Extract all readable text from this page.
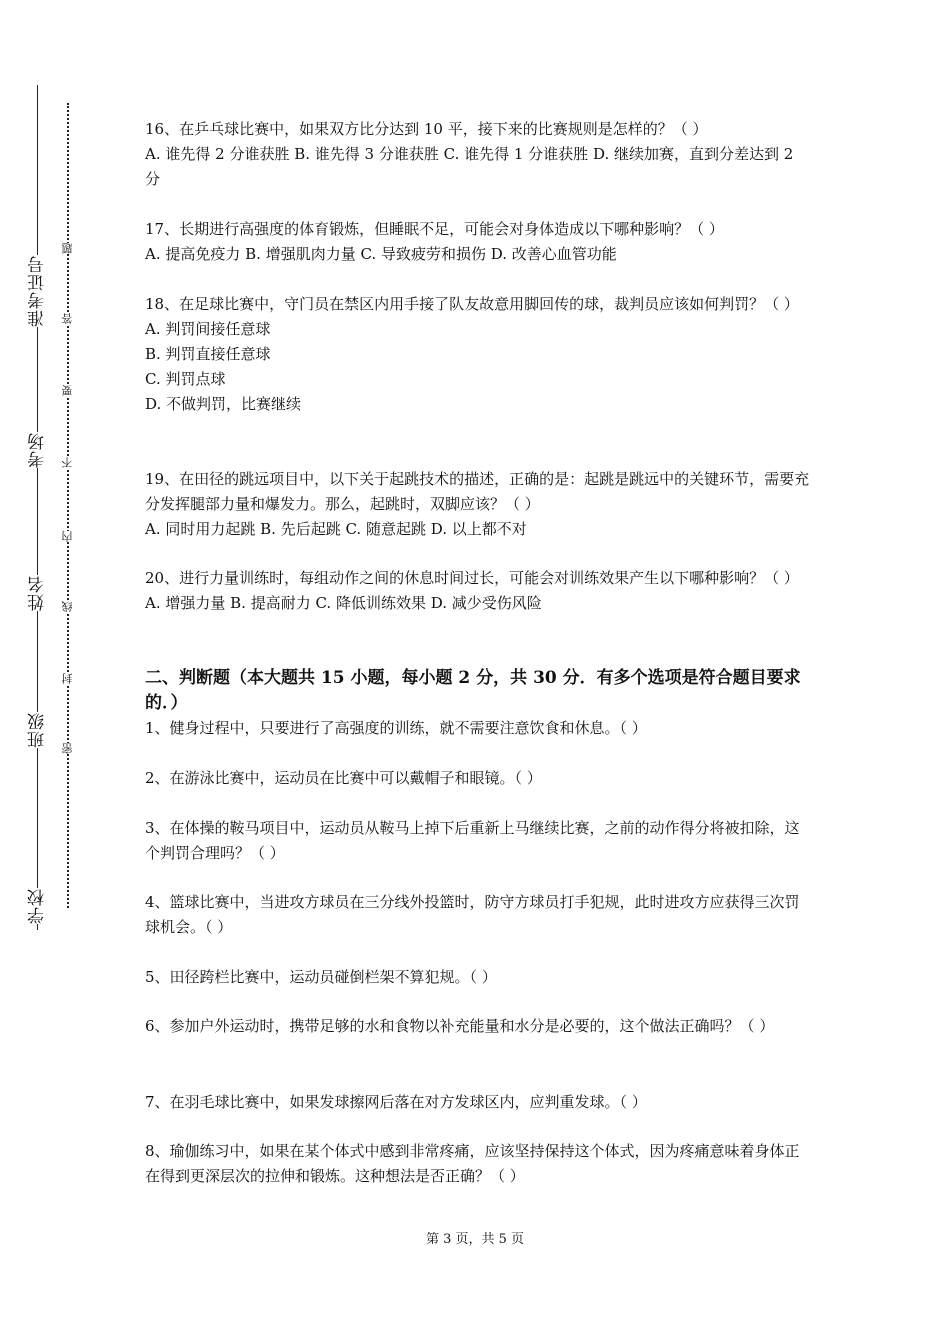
准考证号
考场
姓名
班级
学校
题
答
要
不
内
线
封
密

16、在乒乓球比赛中，如果双方比分达到 10 平，接下来的比赛规则是怎样的？（ ）

A. 谁先得 2 分谁获胜 B. 谁先得 3 分谁获胜 C. 谁先得 1 分谁获胜 D. 继续加赛，直到分差达到 2 分

17、长期进行高强度的体育锻炼，但睡眠不足，可能会对身体造成以下哪种影响？（ ）

A. 提高免疫力 B. 增强肌肉力量 C. 导致疲劳和损伤 D. 改善心血管功能

18、在足球比赛中，守门员在禁区内用手接了队友故意用脚回传的球，裁判员应该如何判罚？（ ）

A. 判罚间接任意球

B. 判罚直接任意球

C. 判罚点球

D. 不做判罚，比赛继续

19、在田径的跳远项目中，以下关于起跳技术的描述，正确的是：起跳是跳远中的关键环节，需要充分发挥腿部力量和爆发力。那么，起跳时，双脚应该？（ ）

A. 同时用力起跳 B. 先后起跳 C. 随意起跳 D. 以上都不对

20、进行力量训练时，每组动作之间的休息时间过长，可能会对训练效果产生以下哪种影响？（ ）

A. 增强力量 B. 提高耐力 C. 降低训练效果 D. 减少受伤风险

二、判断题（本大题共 15 小题，每小题 2 分，共 30 分．有多个选项是符合题目要求的．）
1、健身过程中，只要进行了高强度的训练，就不需要注意饮食和休息。（ ）
2、在游泳比赛中，运动员在比赛中可以戴帽子和眼镜。（ ）
3、在体操的鞍马项目中，运动员从鞍马上掉下后重新上马继续比赛，之前的动作得分将被扣除，这个判罚合理吗？（ ）
4、篮球比赛中，当进攻方球员在三分线外投篮时，防守方球员打手犯规，此时进攻方应获得三次罚球机会。（ ）
5、田径跨栏比赛中，运动员碰倒栏架不算犯规。（ ）
6、参加户外运动时，携带足够的水和食物以补充能量和水分是必要的，这个做法正确吗？（ ）
7、在羽毛球比赛中，如果发球擦网后落在对方发球区内，应判重发球。（ ）
8、瑜伽练习中，如果在某个体式中感到非常疼痛，应该坚持保持这个体式，因为疼痛意味着身体正在得到更深层次的拉伸和锻炼。这种想法是否正确？（ ）
第 3 页，共 5 页
